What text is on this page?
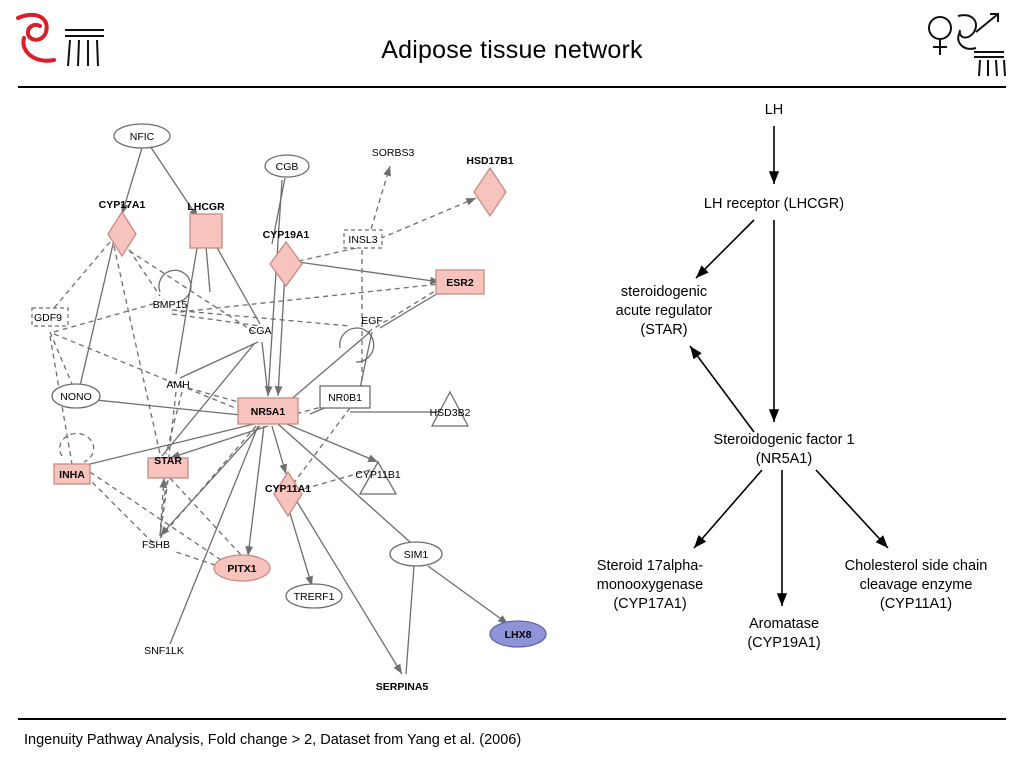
Adipose tissue network
NFIC
CGB
SORBS3
HSD17B1
CYP17A1	LHCGR
CYP19A1	INSL3
ESR2
BMP15
GDF9
CGA
EGF
AMH
NONO	NR0B1
NR5A1	HSD3B2
INHA
STAR
CYP11B1
CYP11A1
FSHB
SIM1
PITX1
TRERF1
LHX8
SNF1LK
SERPINA5
LH
LH receptor (LHCGR)
steroidogenic
acute regulator
(STAR)
Steroidogenic factor 1
(NR5A1)
Steroid 17alpha-
monooxygenase
(CYP17A1)
Aromatase
(CYP19A1)
Cholesterol side chain
cleavage enzyme
(CYP11A1)
Ingenuity Pathway Analysis, Fold change > 2, Dataset from Yang et al. (2006)
